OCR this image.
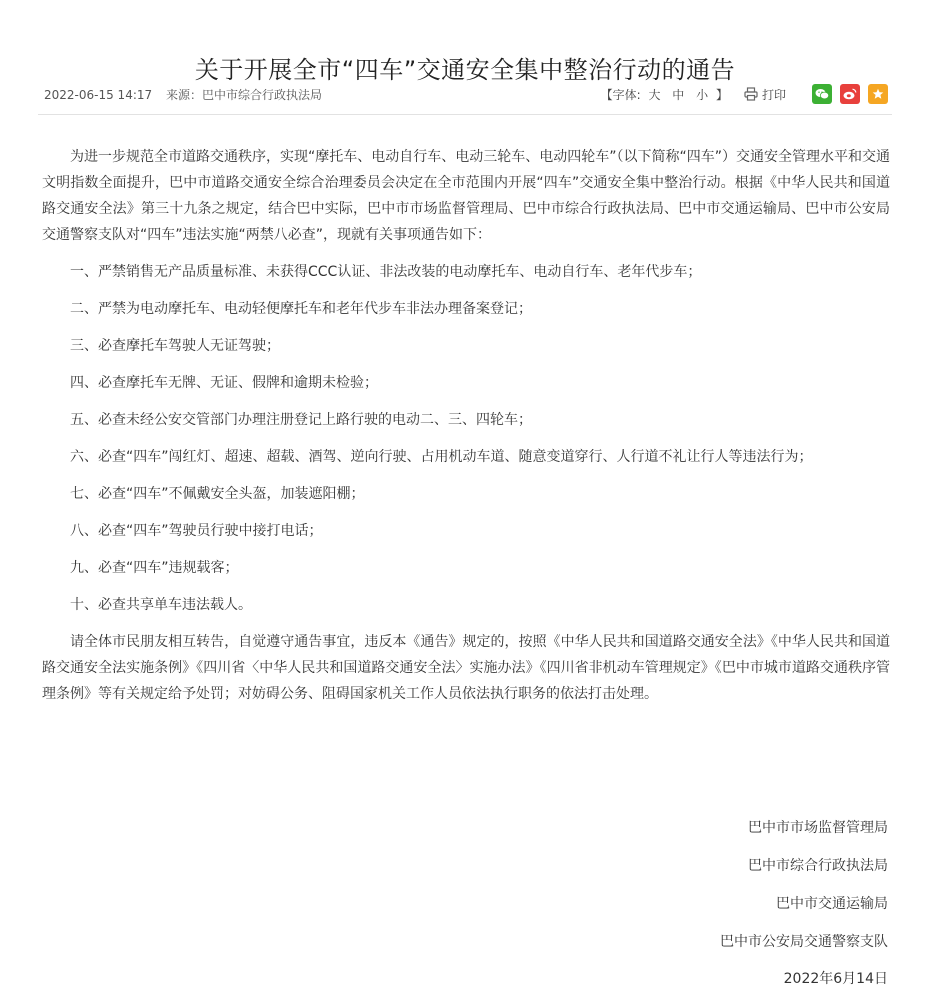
关于开展全市“四车”交通安全集中整治行动的通告
2022-06-15 14:17 来源：巴中市综合行政执法局	【字体: 大 中 小 】	打印

为进一步规范全市道路交通秩序，实现“摩托车、电动自行车、电动三轮车、电动四轮车”（以下简称“四车”）交通安全管理水平和交通文明指数全面提升，巴中市道路交通安全综合治理委员会决定在全市范围内开展“四车”交通安全集中整治行动。根据《中华人民共和国道路交通安全法》第三十九条之规定，结合巴中实际，巴中市市场监督管理局、巴中市综合行政执法局、巴中市交通运输局、巴中市公安局交通警察支队对“四车”违法实施“两禁八必查”，现就有关事项通告如下：

一、严禁销售无产品质量标准、未获得CCC认证、非法改装的电动摩托车、电动自行车、老年代步车；

二、严禁为电动摩托车、电动轻便摩托车和老年代步车非法办理备案登记；

三、必查摩托车驾驶人无证驾驶；

四、必查摩托车无牌、无证、假牌和逾期未检验；

五、必查未经公安交管部门办理注册登记上路行驶的电动二、三、四轮车；

六、必查“四车”闯红灯、超速、超载、酒驾、逆向行驶、占用机动车道、随意变道穿行、人行道不礼让行人等违法行为；

七、必查“四车”不佩戴安全头盔，加装遮阳棚；

八、必查“四车”驾驶员行驶中接打电话；

九、必查“四车”违规载客；

十、必查共享单车违法载人。

请全体市民朋友相互转告，自觉遵守通告事宜，违反本《通告》规定的，按照《中华人民共和国道路交通安全法》《中华人民共和国道路交通安全法实施条例》《四川省〈中华人民共和国道路交通安全法〉实施办法》《四川省非机动车管理规定》《巴中市城市道路交通秩序管理条例》等有关规定给予处罚；对妨碍公务、阻碍国家机关工作人员依法执行职务的依法打击处理。

巴中市市场监督管理局
巴中市综合行政执法局
巴中市交通运输局
巴中市公安局交通警察支队
2022年6月14日
